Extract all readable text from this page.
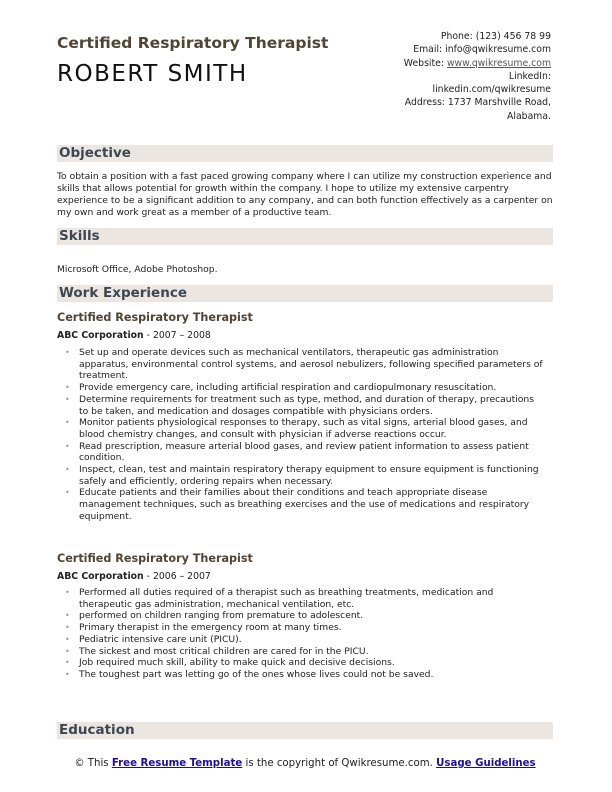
Certified Respiratory Therapist
ROBERT SMITH
Phone: (123) 456 78 99
Email: info@qwikresume.com
Website: www.qwikresume.com
LinkedIn:
linkedin.com/qwikresume
Address: 1737 Marshville Road,
Alabama.
Objective
To obtain a position with a fast paced growing company where I can utilize my construction experience and skills that allows potential for growth within the company. I hope to utilize my extensive carpentry experience to be a significant addition to any company, and can both function effectively as a carpenter on my own and work great as a member of a productive team.
Skills
Microsoft Office, Adobe Photoshop.
Work Experience
Certified Respiratory Therapist
ABC Corporation - 2007 – 2008
• Set up and operate devices such as mechanical ventilators, therapeutic gas administration apparatus, environmental control systems, and aerosol nebulizers, following specified parameters of treatment.
• Provide emergency care, including artificial respiration and cardiopulmonary resuscitation.
• Determine requirements for treatment such as type, method, and duration of therapy, precautions to be taken, and medication and dosages compatible with physicians orders.
• Monitor patients physiological responses to therapy, such as vital signs, arterial blood gases, and blood chemistry changes, and consult with physician if adverse reactions occur.
• Read prescription, measure arterial blood gases, and review patient information to assess patient condition.
• Inspect, clean, test and maintain respiratory therapy equipment to ensure equipment is functioning safely and efficiently, ordering repairs when necessary.
• Educate patients and their families about their conditions and teach appropriate disease management techniques, such as breathing exercises and the use of medications and respiratory equipment.
Certified Respiratory Therapist
ABC Corporation - 2006 – 2007
• Performed all duties required of a therapist such as breathing treatments, medication and therapeutic gas administration, mechanical ventilation, etc.
• performed on children ranging from premature to adolescent.
• Primary therapist in the emergency room at many times.
• Pediatric intensive care unit (PICU).
• The sickest and most critical children are cared for in the PICU.
• Job required much skill, ability to make quick and decisive decisions.
• The toughest part was letting go of the ones whose lives could not be saved.
Education
© This Free Resume Template is the copyright of Qwikresume.com. Usage Guidelines
